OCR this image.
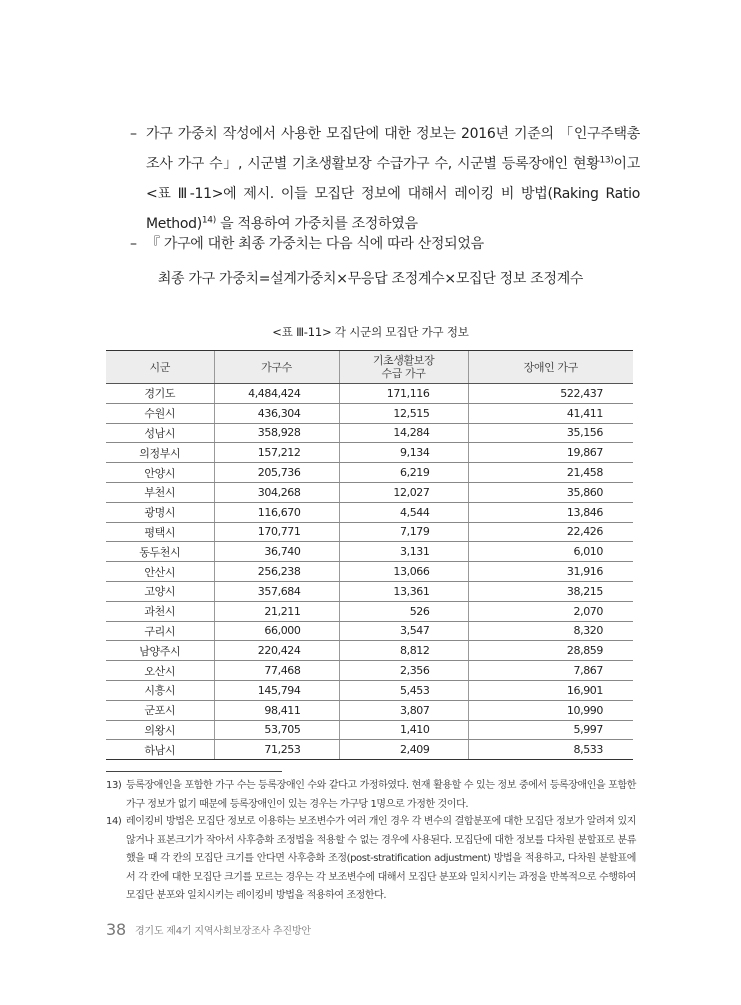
– 가구 가중치 작성에서 사용한 모집단에 대한 정보는 2016년 기준의 「인구주택총조사 가구 수」, 시군별 기초생활보장 수급가구 수, 시군별 등록장애인 현황$^{13)}$이고 <표 Ⅲ-11>에 제시. 이들 모집단 정보에 대해서 레이킹 비 방법(Raking Ratio Method)$^{14)}$ 을 적용하여 가중치를 조정하였음
– 『 가구에 대한 최종 가중치는 다음 식에 따라 산정되었음
최종 가구 가중치=설계가중치×무응답 조정계수×모집단 정보 조정계수
<표 Ⅲ-11> 각 시군의 모집단 가구 정보
시군	가구수	기초생활보장
수급 가구	장애인 가구
경기도	4,484,424	171,116	522,437
수원시	436,304	12,515	41,411
성남시	358,928	14,284	35,156
의정부시	157,212	9,134	19,867
안양시	205,736	6,219	21,458
부천시	304,268	12,027	35,860
광명시	116,670	4,544	13,846
평택시	170,771	7,179	22,426
동두천시	36,740	3,131	6,010
안산시	256,238	13,066	31,916
고양시	357,684	13,361	38,215
과천시	21,211	526	2,070
구리시	66,000	3,547	8,320
남양주시	220,424	8,812	28,859
오산시	77,468	2,356	7,867
시흥시	145,794	5,453	16,901
군포시	98,411	3,807	10,990
의왕시	53,705	1,410	5,997
하남시	71,253	2,409	8,533
13) 등록장애인을 포함한 가구 수는 등록장애인 수와 같다고 가정하였다. 현재 활용할 수 있는 정보 중에서 등록장애인을 포함한 가구 정보가 없기 때문에 등록장애인이 있는 경우는 가구당 1명으로 가정한 것이다.
14) 레이킹비 방법은 모집단 정보로 이용하는 보조변수가 여러 개인 경우 각 변수의 결합분포에 대한 모집단 정보가 알려져 있지 않거나 표본크기가 작아서 사후층화 조정법을 적용할 수 없는 경우에 사용된다. 모집단에 대한 정보를 다차원 분할표로 분류했을 때 각 칸의 모집단 크기를 안다면 사후층화 조정(post-stratification adjustment) 방법을 적용하고, 다차원 분할표에서 각 칸에 대한 모집단 크기를 모르는 경우는 각 보조변수에 대해서 모집단 분포와 일치시키는 과정을 반복적으로 수행하여 모집단 분포와 일치시키는 레이킹비 방법을 적용하여 조정한다.
38 경기도 제4기 지역사회보장조사 추진방안
